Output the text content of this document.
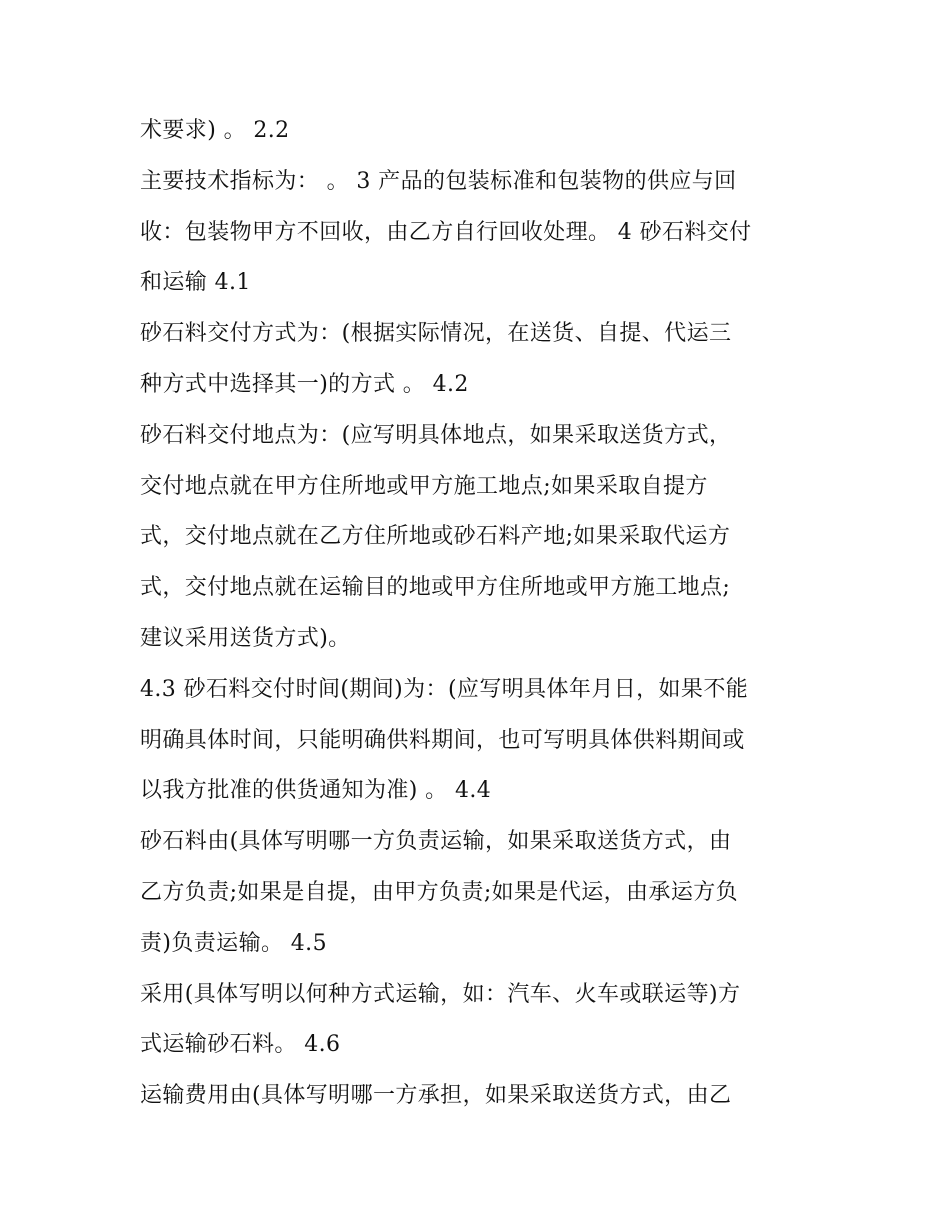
术要求) 。 2.2
主要技术指标为： 。 3 产品的包装标准和包装物的供应与回
收：包装物甲方不回收，由乙方自行回收处理。 4 砂石料交付
和运输 4.1
砂石料交付方式为：(根据实际情况，在送货、自提、代运三
种方式中选择其一)的方式 。 4.2
砂石料交付地点为：(应写明具体地点，如果采取送货方式，
交付地点就在甲方住所地或甲方施工地点;如果采取自提方
式，交付地点就在乙方住所地或砂石料产地;如果采取代运方
式，交付地点就在运输目的地或甲方住所地或甲方施工地点;
建议采用送货方式)。
4.3 砂石料交付时间(期间)为：(应写明具体年月日，如果不能
明确具体时间，只能明确供料期间，也可写明具体供料期间或
以我方批准的供货通知为准) 。 4.4
砂石料由(具体写明哪一方负责运输，如果采取送货方式，由
乙方负责;如果是自提，由甲方负责;如果是代运，由承运方负
责)负责运输。 4.5
采用(具体写明以何种方式运输，如：汽车、火车或联运等)方
式运输砂石料。 4.6
运输费用由(具体写明哪一方承担，如果采取送货方式，由乙
